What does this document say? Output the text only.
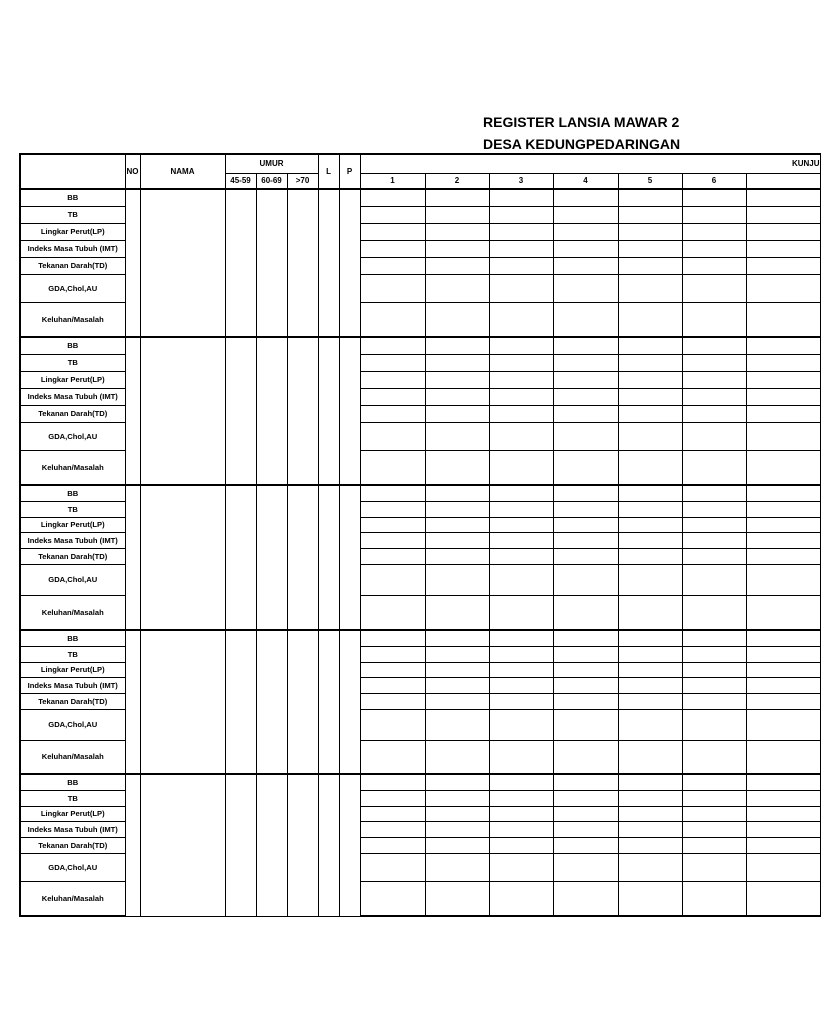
REGISTER LANSIA MAWAR 2
DESA KEDUNGPEDARINGAN
	NO	NAMA	UMUR			L	P	KUNJU						
			45-59	60-69	>70			1	2	3	4	5	6	
BB														
TB														
Lingkar Perut(LP)														
Indeks Masa Tubuh (IMT)														
Tekanan Darah(TD)														
GDA,Chol,AU														
Keluhan/Masalah														
BB														
TB														
Lingkar Perut(LP)														
Indeks Masa Tubuh (IMT)														
Tekanan Darah(TD)														
GDA,Chol,AU														
Keluhan/Masalah														
BB														
TB														
Lingkar Perut(LP)														
Indeks Masa Tubuh (IMT)														
Tekanan Darah(TD)														
GDA,Chol,AU														
Keluhan/Masalah														
BB														
TB														
Lingkar Perut(LP)														
Indeks Masa Tubuh (IMT)														
Tekanan Darah(TD)														
GDA,Chol,AU														
Keluhan/Masalah														
BB														
TB														
Lingkar Perut(LP)														
Indeks Masa Tubuh (IMT)														
Tekanan Darah(TD)														
GDA,Chol,AU														
Keluhan/Masalah														
